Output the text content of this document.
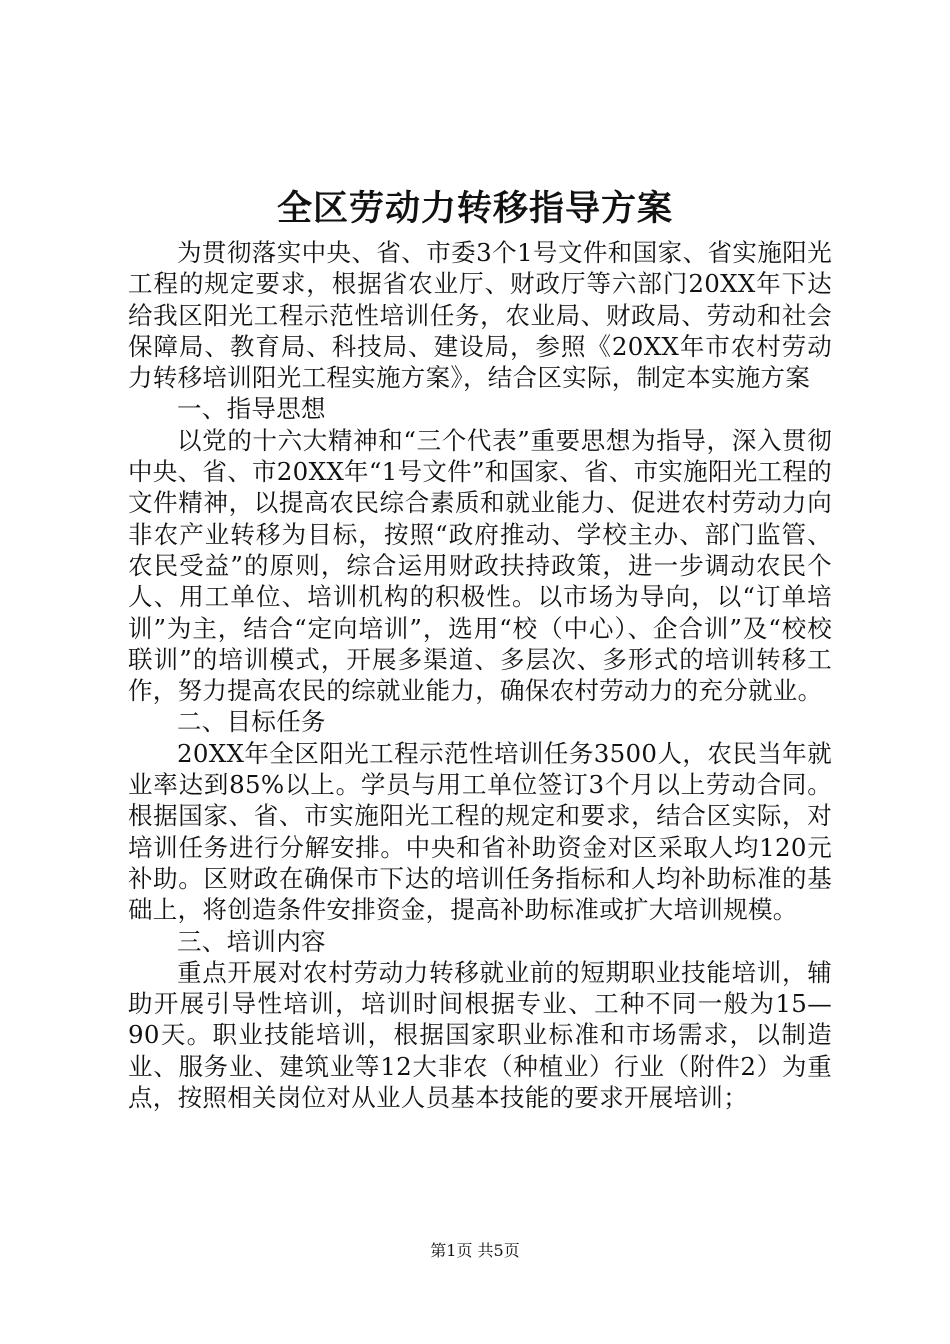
全区劳动力转移指导方案

为贯彻落实中央、省、市委3个1号文件和国家、省实施阳光工程的规定要求，根据省农业厅、财政厅等六部门20XX年下达给我区阳光工程示范性培训任务，农业局、财政局、劳动和社会保障局、教育局、科技局、建设局，参照《20XX年市农村劳动力转移培训阳光工程实施方案》，结合区实际，制定本实施方案

一、指导思想

以党的十六大精神和“三个代表”重要思想为指导，深入贯彻中央、省、市20XX年“1号文件”和国家、省、市实施阳光工程的文件精神，以提高农民综合素质和就业能力、促进农村劳动力向非农产业转移为目标，按照“政府推动、学校主办、部门监管、农民受益”的原则，综合运用财政扶持政策，进一步调动农民个人、用工单位、培训机构的积极性。以市场为导向，以“订单培训”为主，结合“定向培训”，选用“校（中心）、企合训”及“校校联训”的培训模式，开展多渠道、多层次、多形式的培训转移工作，努力提高农民的综就业能力，确保农村劳动力的充分就业。

二、目标任务

20XX年全区阳光工程示范性培训任务3500人，农民当年就业率达到85%以上。学员与用工单位签订3个月以上劳动合同。根据国家、省、市实施阳光工程的规定和要求，结合区实际，对培训任务进行分解安排。中央和省补助资金对区采取人均120元补助。区财政在确保市下达的培训任务指标和人均补助标准的基础上，将创造条件安排资金，提高补助标准或扩大培训规模。

三、培训内容

重点开展对农村劳动力转移就业前的短期职业技能培训，辅助开展引导性培训，培训时间根据专业、工种不同一般为15—90天。职业技能培训，根据国家职业标准和市场需求，以制造业、服务业、建筑业等12大非农（种植业）行业（附件2）为重点，按照相关岗位对从业人员基本技能的要求开展培训；

第1页 共5页
